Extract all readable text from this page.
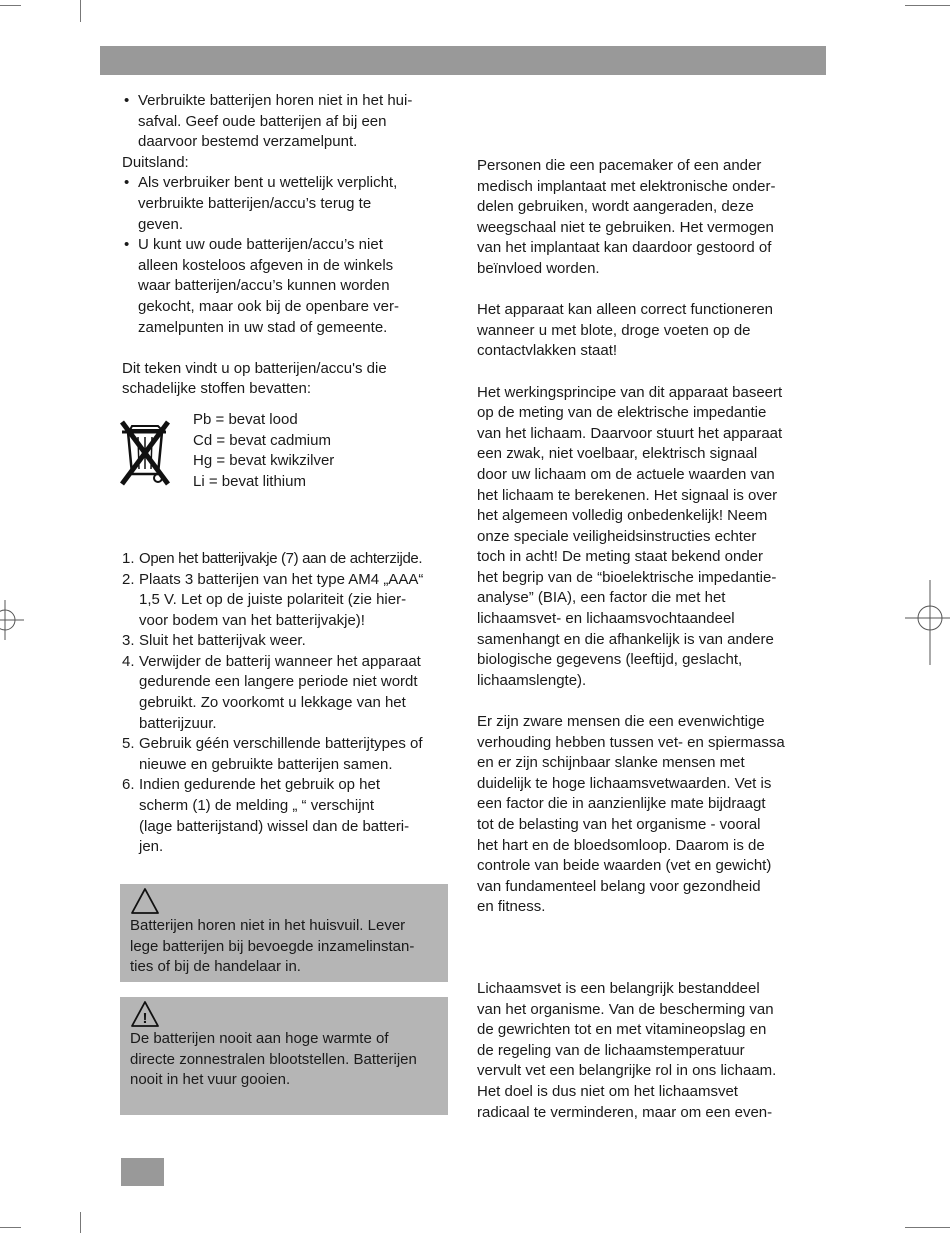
• Verbruikte batterijen horen niet in het hui-

safval. Geef oude batterijen af bij een

daarvoor bestemd verzamelpunt.

Duitsland:

• Als verbruiker bent u wettelijk verplicht,

verbruikte batterijen/accu’s terug te

geven.

• U kunt uw oude batterijen/accu’s niet

alleen kosteloos afgeven in de winkels

waar batterijen/accu’s kunnen worden

gekocht, maar ook bij de openbare ver-

zamelpunten in uw stad of gemeente.

Dit teken vindt u op batterijen/accu's die

schadelijke stoffen bevatten:

Pb = bevat lood

Cd = bevat cadmium

Hg = bevat kwikzilver

Li = bevat lithium

1. Open het batterijvakje (7) aan de achterzijde.

2. Plaats 3 batterijen van het type AM4 „AAA“

1,5 V. Let op de juiste polariteit (zie hier-

voor bodem van het batterijvakje)!

3. Sluit het batterijvak weer.

4. Verwijder de batterij wanneer het apparaat

gedurende een langere periode niet wordt

gebruikt. Zo voorkomt u lekkage van het

batterijzuur.

5. Gebruik géén verschillende batterijtypes of

nieuwe en gebruikte batterijen samen.

6. Indien gedurende het gebruik op het

scherm (1) de melding „ “ verschijnt

(lage batterijstand) wissel dan de batteri-

jen.

Batterijen horen niet in het huisvuil. Lever

lege batterijen bij bevoegde inzamelinstan-

ties of bij de handelaar in.

!

De batterijen nooit aan hoge warmte of

directe zonnestralen blootstellen. Batterijen

nooit in het vuur gooien.

Personen die een pacemaker of een ander

medisch implantaat met elektronische onder-

delen gebruiken, wordt aangeraden, deze

weegschaal niet te gebruiken. Het vermogen

van het implantaat kan daardoor gestoord of

beïnvloed worden.

Het apparaat kan alleen correct functioneren

wanneer u met blote, droge voeten op de

contactvlakken staat!

Het werkingsprincipe van dit apparaat baseert

op de meting van de elektrische impedantie

van het lichaam. Daarvoor stuurt het apparaat

een zwak, niet voelbaar, elektrisch signaal

door uw lichaam om de actuele waarden van

het lichaam te berekenen. Het signaal is over

het algemeen volledig onbedenkelijk! Neem

onze speciale veiligheidsinstructies echter

toch in acht! De meting staat bekend onder

het begrip van de “bioelektrische impedantie-

analyse” (BIA), een factor die met het

lichaamsvet- en lichaamsvochtaandeel

samenhangt en die afhankelijk is van andere

biologische gegevens (leeftijd, geslacht,

lichaamslengte).

Er zijn zware mensen die een evenwichtige

verhouding hebben tussen vet- en spiermassa

en er zijn schijnbaar slanke mensen met

duidelijk te hoge lichaamsvetwaarden. Vet is

een factor die in aanzienlijke mate bijdraagt

tot de belasting van het organisme - vooral

het hart en de bloedsomloop. Daarom is de

controle van beide waarden (vet en gewicht)

van fundamenteel belang voor gezondheid

en fitness.

Lichaamsvet is een belangrijk bestanddeel

van het organisme. Van de bescherming van

de gewrichten tot en met vitamineopslag en

de regeling van de lichaamstemperatuur

vervult vet een belangrijke rol in ons lichaam.

Het doel is dus niet om het lichaamsvet

radicaal te verminderen, maar om een even-
